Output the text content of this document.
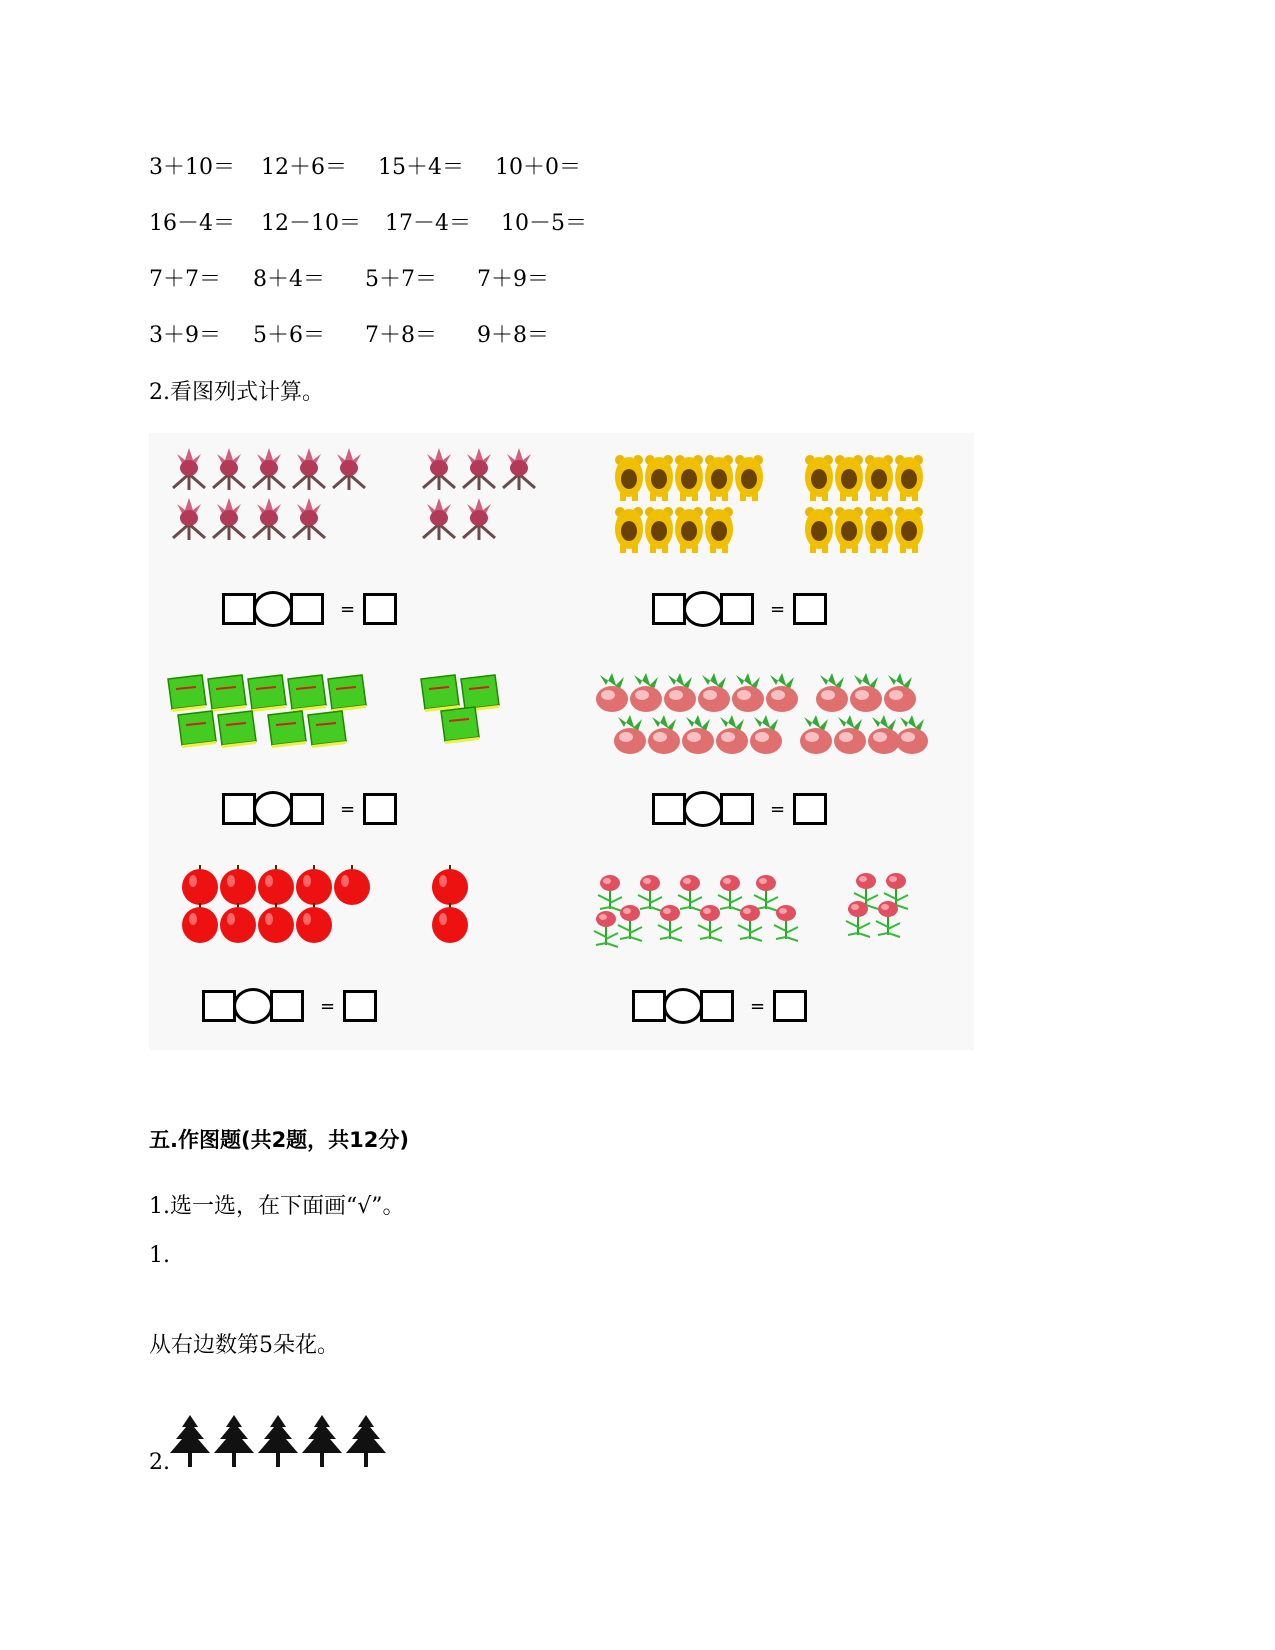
3＋10＝ 12＋6＝ 15＋4＝ 10＋0＝
16－4＝ 12－10＝ 17－4＝ 10－5＝
7＋7＝ 8＋4＝ 5＋7＝ 7＋9＝
3＋9＝ 5＋6＝ 7＋8＝ 9＋8＝
2.看图列式计算。
=	=
=	=
=	=
五.作图题(共2题，共12分)
1.选一选，在下面画“√”。
1.
从右边数第5朵花。
2.
